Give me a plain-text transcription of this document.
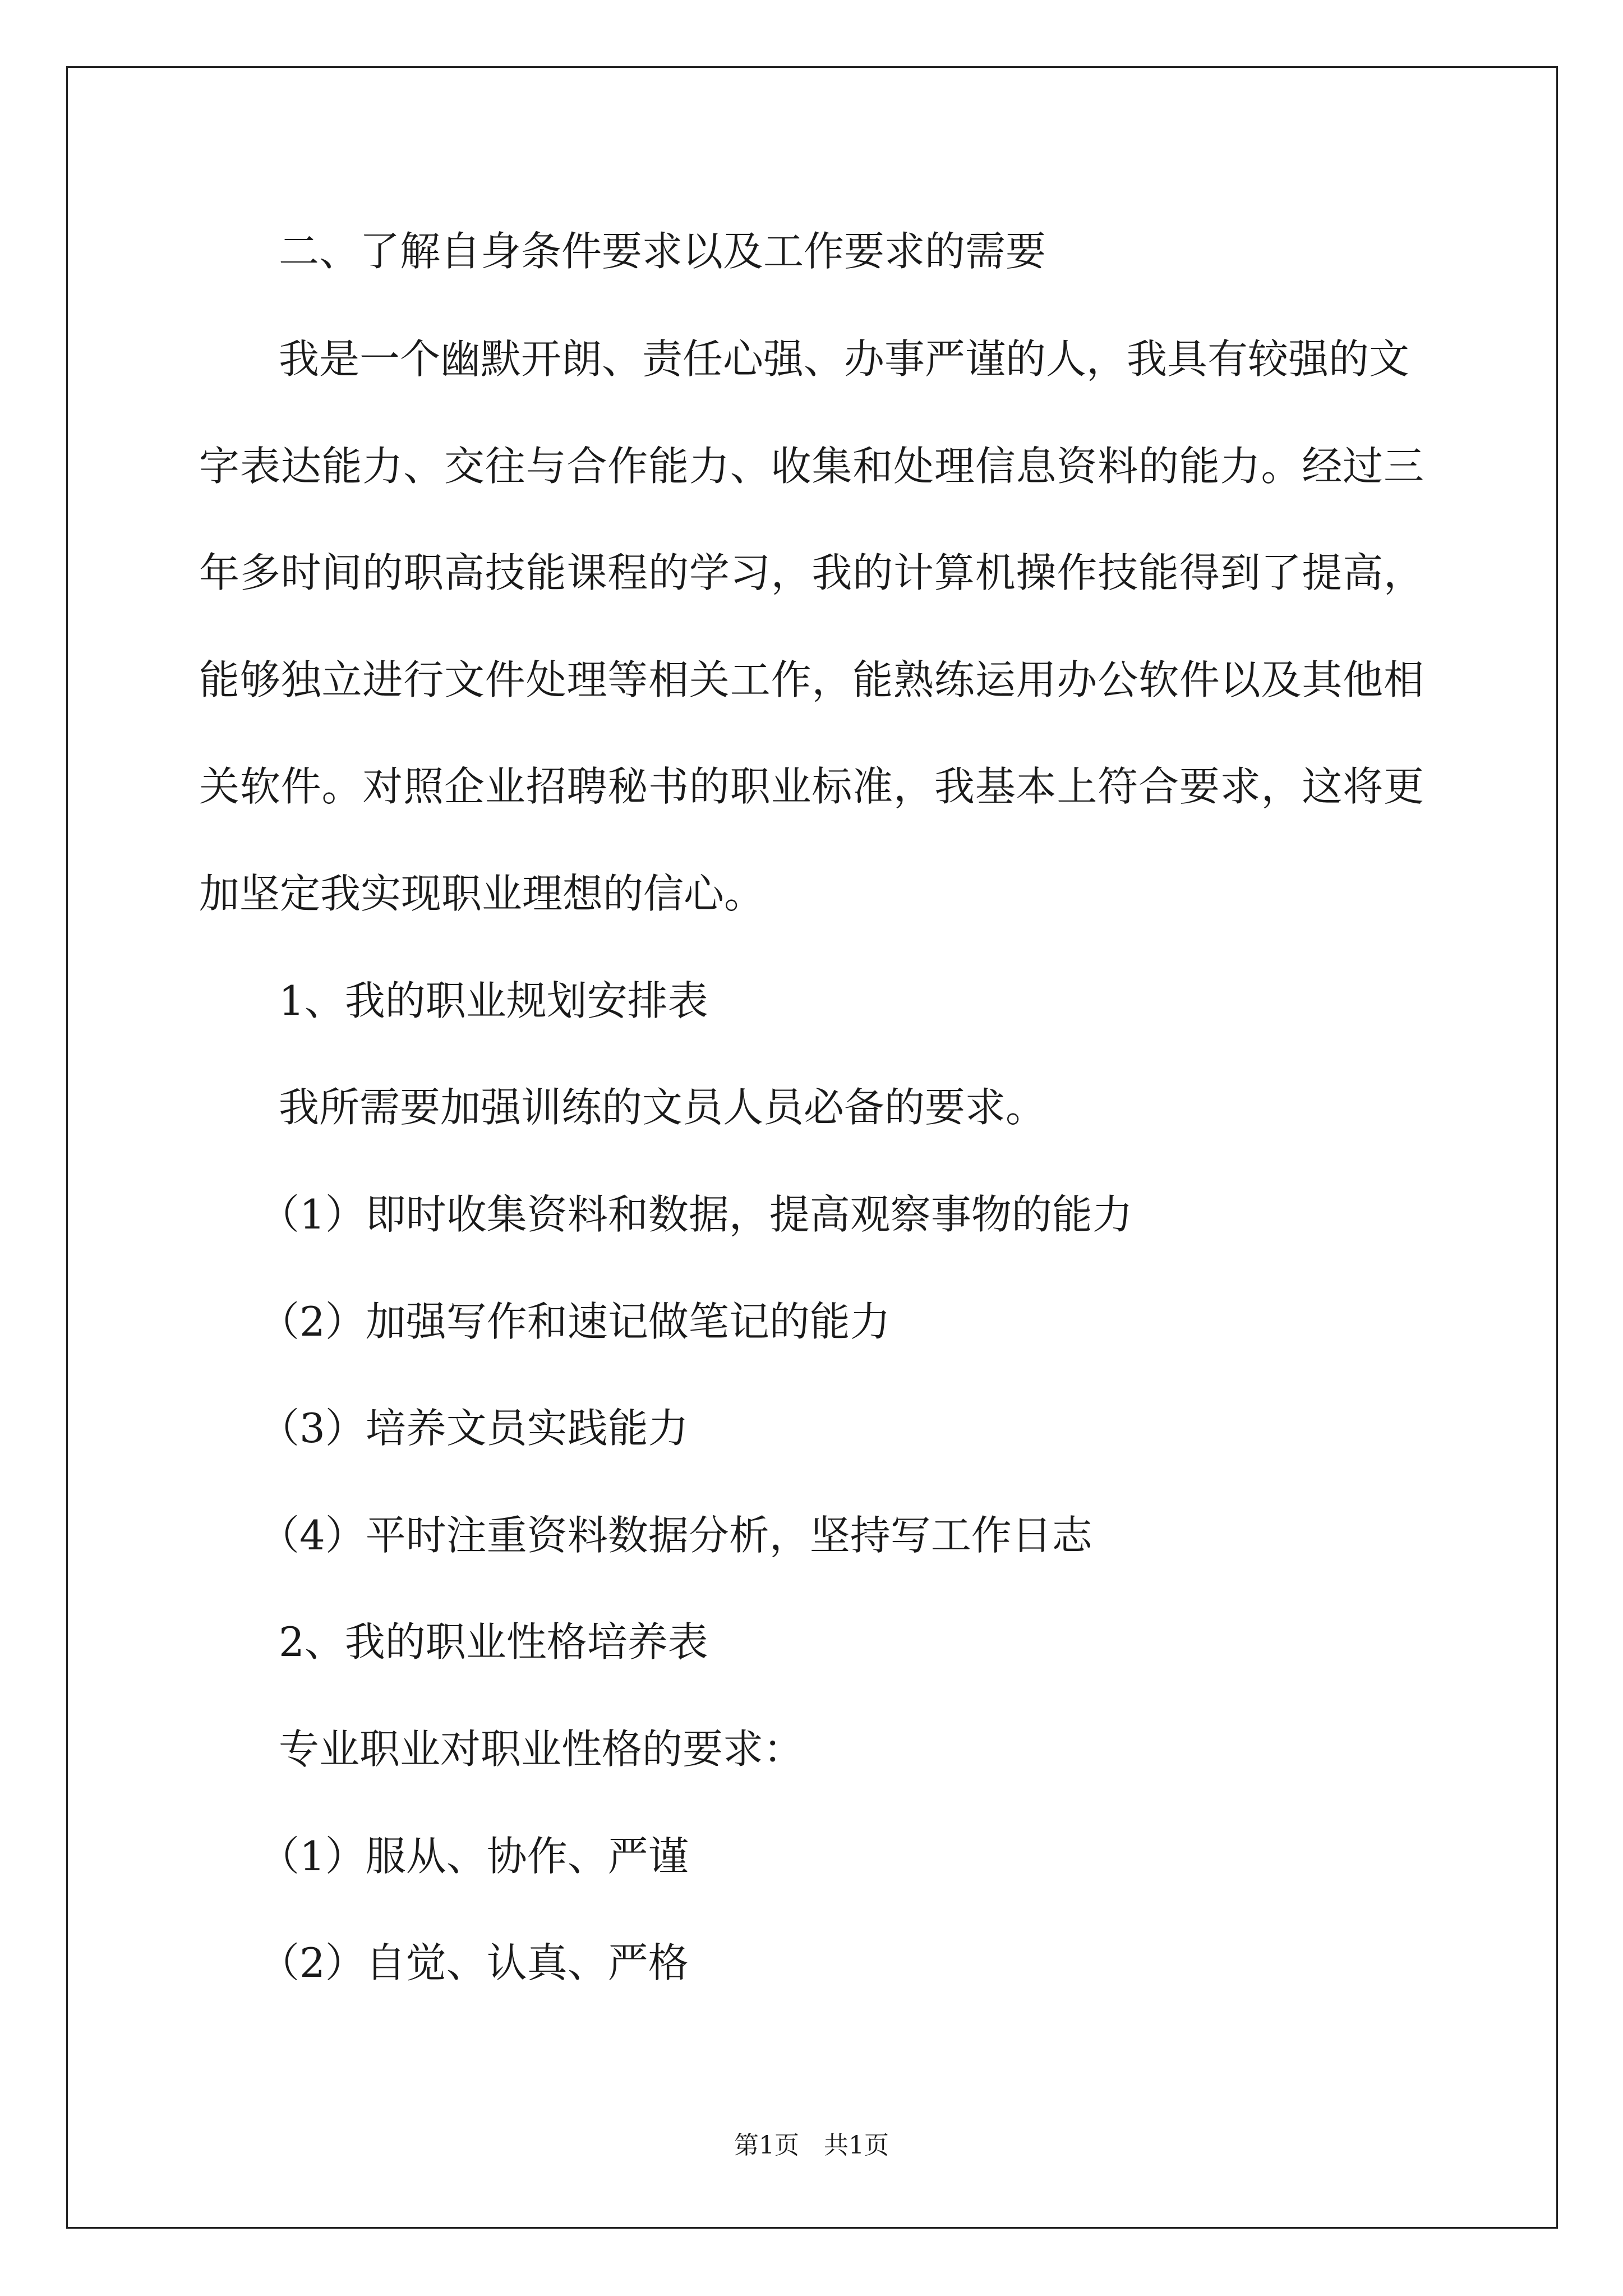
二、了解自身条件要求以及工作要求的需要
我是一个幽默开朗、责任心强、办事严谨的人，我具有较强的文
字表达能力、交往与合作能力、收集和处理信息资料的能力。经过三
年多时间的职高技能课程的学习，我的计算机操作技能得到了提高，
能够独立进行文件处理等相关工作，能熟练运用办公软件以及其他相
关软件。对照企业招聘秘书的职业标准，我基本上符合要求，这将更
加坚定我实现职业理想的信心。
1、我的职业规划安排表
我所需要加强训练的文员人员必备的要求。
（1）即时收集资料和数据，提高观察事物的能力
（2）加强写作和速记做笔记的能力
（3）培养文员实践能力
（4）平时注重资料数据分析，坚持写工作日志
2、我的职业性格培养表
专业职业对职业性格的要求：
（1）服从、协作、严谨
（2）自觉、认真、严格
第1页　共1页
